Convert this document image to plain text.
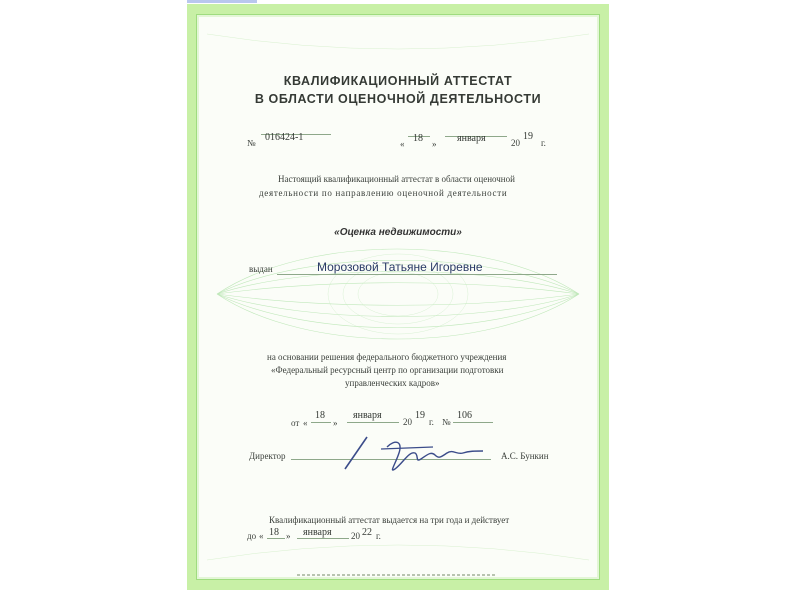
КВАЛИФИКАЦИОННЫЙ АТТЕСТАТ
В ОБЛАСТИ ОЦЕНОЧНОЙ ДЕЯТЕЛЬНОСТИ
№ 016424-1
« 18 » января	20
19
г.
Настоящий квалификационный аттестат в области оценочной
деятельности по направлению оценочной деятельности
«Оценка недвижимости»
выдан	Морозовой Татьяне Игоревне
на основании решения федерального бюджетного учреждения
«Федеральный ресурсный центр по организации подготовки
управленческих кадров»
от «
18
»
января
20
19
г. №
106
Директор	А.С. Бункин
Квалификационный аттестат выдается на три года и действует
до « 18 » января 20 22 г.
